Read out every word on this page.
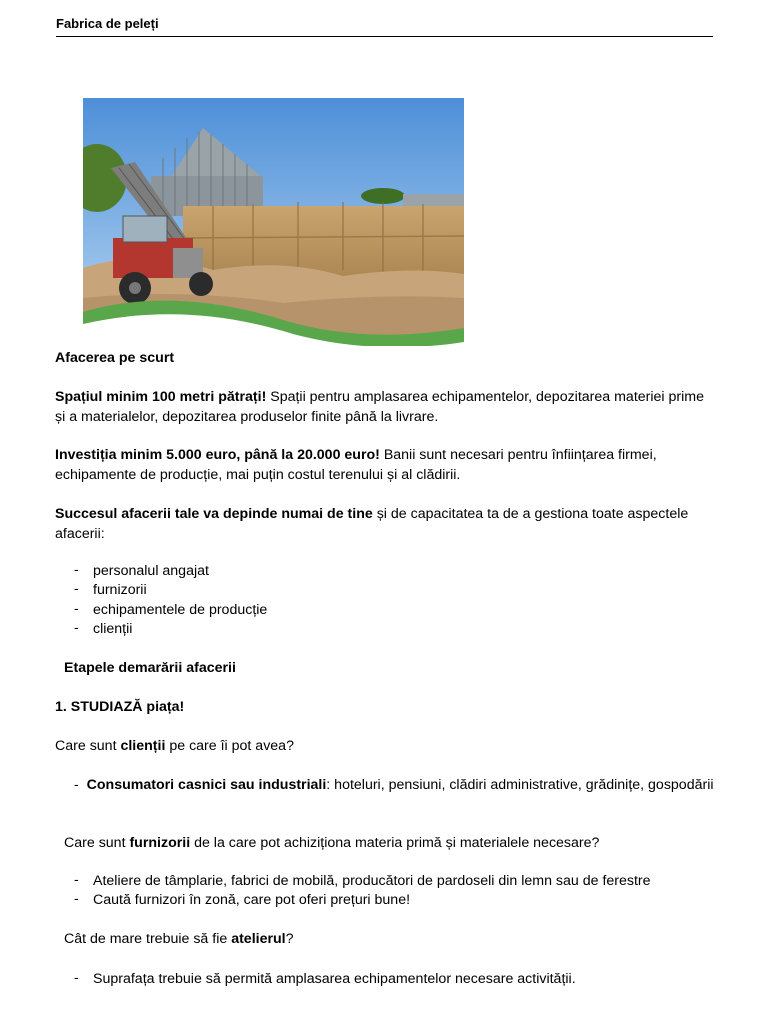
Fabrica de peleți

Afacerea pe scurt

Spațiul minim 100 metri pătrați! Spații pentru amplasarea echipamentelor, depozitarea materiei prime și a materialelor, depozitarea produselor finite până la livrare.

Investiția minim 5.000 euro, până la 20.000 euro! Banii sunt necesari pentru înființarea firmei, echipamente de producție, mai puțin costul terenului și al clădirii.

Succesul afacerii tale va depinde numai de tine și de capacitatea ta de a gestiona toate aspectele afacerii:

- personalul angajat
- furnizorii
- echipamentele de producție
- clienții

Etapele demarării afacerii

1. STUDIAZĂ piața!

Care sunt clienții pe care îi pot avea?

- Consumatori casnici sau industriali: hoteluri, pensiuni, clădiri administrative, grădinițe, gospodării

Care sunt furnizorii de la care pot achiziționa materia primă și materialele necesare?

- Ateliere de tâmplarie, fabrici de mobilă, producători de pardoseli din lemn sau de ferestre
- Caută furnizori în zonă, care pot oferi prețuri bune!

Cât de mare trebuie să fie atelierul?

- Suprafața trebuie să permită amplasarea echipamentelor necesare activității.
